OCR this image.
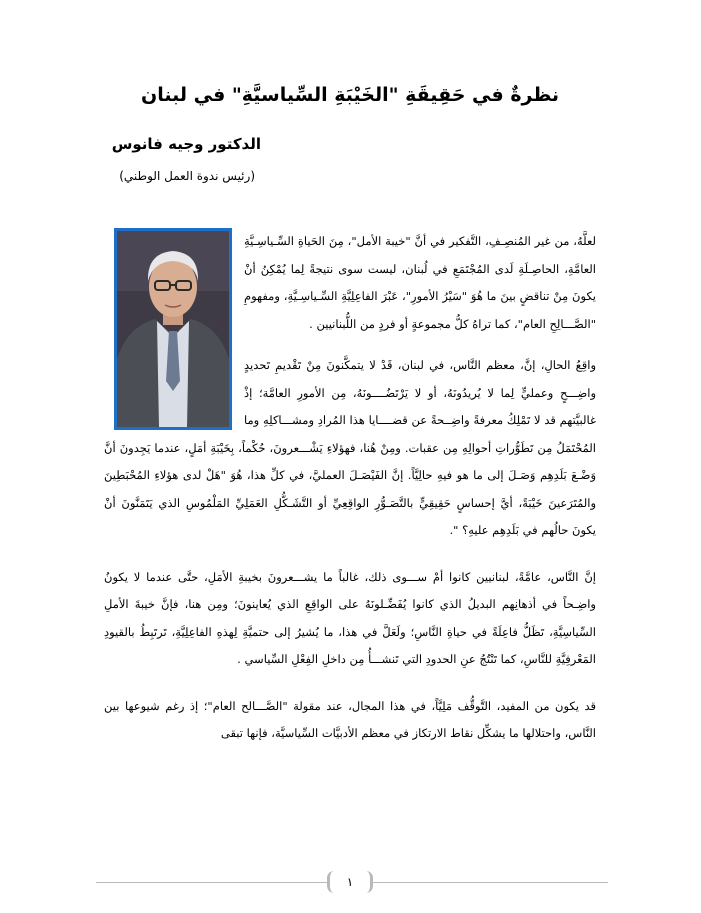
نظرةٌ في حَقِيقَةِ "الخَيْبَةِ السِّياسيَّةِ" في لبنان
الدكتور وجيه فانوس
(رئيس ندوة العمل الوطني)

لعلَّهُ، من غير المُنصِـفِ، التَّفكير في أنَّ "خيبة الأمل"، مِنَ الحَياةِ السِّـياسِـيَّةِ العامَّةِ، الحاصِـلَةِ لَدى المُجْتَمَعِ في لُبنان، ليست سوى نتيجةً لِما يُمْكِنُ أنْ يكونَ مِنْ تناقضٍ بينَ ما هُوَ "سَيْرُ الأمورِ"، عَبْرَ الفاعِلِيَّةِ السِّـياسِـيَّةِ، ومفهومِ "الصَّـــالِحِ العام"، كما تراهُ كلُّ مجموعةٍ أو فردٍ من اللُّبنانيين .

واقِعُ الحالِ، إنَّ، معظم النَّاس، في لبنان، قَدْ لا يتمكَّنونَ مِنْ تَقْديمِ تَحديدٍ واضِـــحٍ وعمليٍّ لِما لا يُريدُونَهُ، أو لا يَرْتَضُــــونَهُ، مِن الأمورِ العامَّة؛ إذْ غالبيَّتهم قد لا تَمْلِكُ معرفةً واضِــحةً عن قضــــايا هذا المُرادِ ومشـــاكلِهِ وما المُحْتَمَلُ مِن تَطَوُّراتِ أحوالِهِ مِن عقبات. ومِنْ هُنا، فهؤلاءِ يَشْـــعرونَ، حُكْماً، بِخَيْبَةِ أمَلٍ، عندما يَجِدونَ أنَّ وَضْـعَ بَلَدِهِم وَصَـلَ إلى ما هو فيهِ حالِيَّاً. إنَّ الفَيْصَـلَ العمليَّ، في كلِّ هذا، هُوَ "هَلْ لدى هؤلاءِ المُحْبَطِينَ والمُتَرَعينَ خَيْبَةً، أيَّ إحساسٍ حَقِيقِيٍّ بالتَّصَـوُّرِ الواقِعِيِّ أو التَّشَـكُّلِ العَمَلِيِّ المَلْمُوسِ الذي يَتَمَنَّونَ أنْ يكونَ حالُهم في بَلَدِهِم عليهِ؟ ".

إنَّ النَّاس، عامَّةً، لبنانيين كانوا أمْ ســـوى ذلك، غالباً ما يشـــعرونَ بخيبةِ الأمَلِ، حتَّى عندما لا يكونُ واضِـحاً في أذهانِهم البديلُ الذي كانوا يُفَضِّـلونَهُ على الواقِعِ الذي يُعاينونَ؛ ومِن هنا، فإنَّ خيبةَ الأملِ السِّياسِيَّةِ، تَظَلُّ فاعِلَةً في حياةِ النَّاسِ؛ ولَعَلَّ في هذا، ما يُشيرُ إلى حتميَّةِ لِهذهِ الفاعِلِيَّةِ، تَرتَبِطُ بالقيودِ المَعْرفِيَّةِ للنَّاسِ، كما تَنْتُجُ عنِ الحدودِ التي تَنشـــأُ مِن داخلِ الفِعْلِ السِّياسي .

قد يكون من المفيد، التَّوقُّف مَلِيَّاً، في هذا المجال، عند مقولة "الصَّـــالح العام"؛ إذ رغم شيوعها بين النَّاس، واحتلالها ما يشكِّل نقاط الارتكاز في معظم الأدبيَّات السِّياسيَّة، فإنها تبقى

١
